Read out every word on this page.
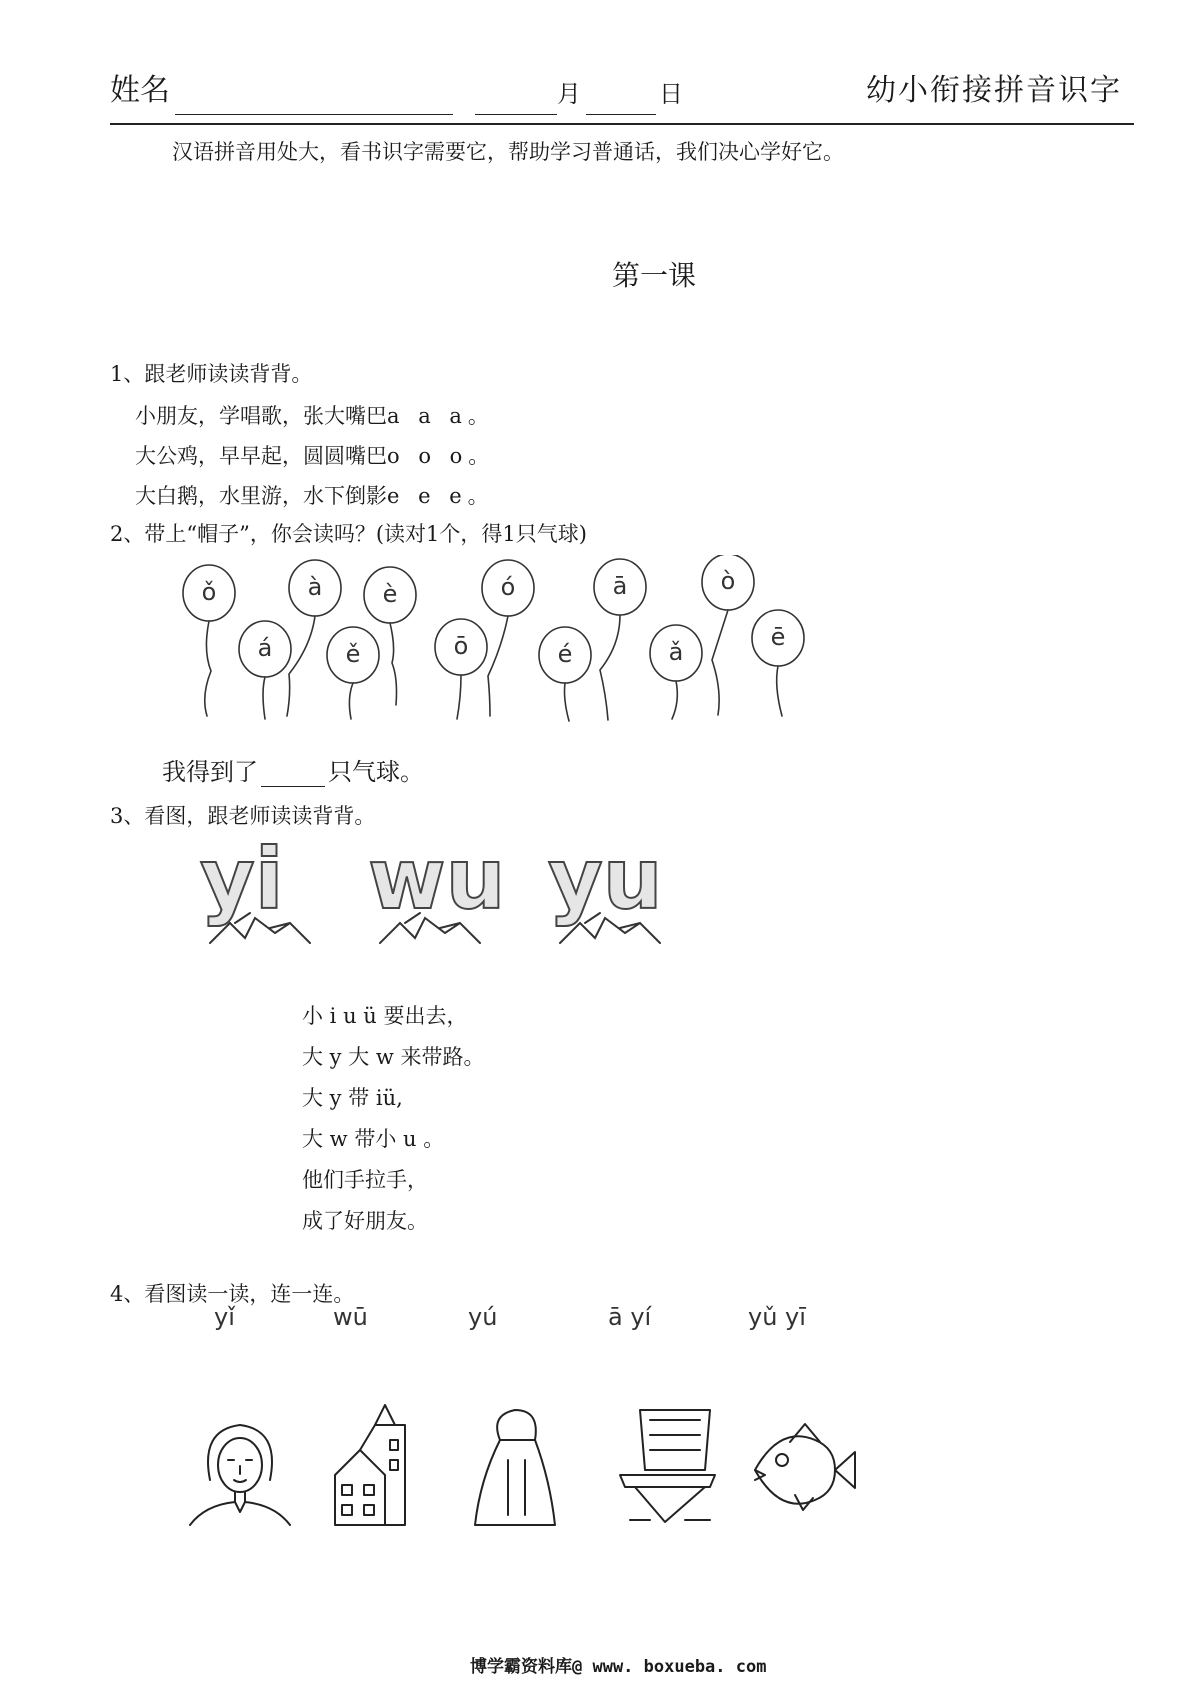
姓名	月	日	幼小衔接拼音识字
汉语拼音用处大，看书识字需要它，帮助学习普通话，我们决心学好它。
第一课
1、跟老师读读背背。
小朋友，学唱歌，张大嘴巴a a a。
大公鸡，早早起，圆圆嘴巴o o o。
大白鹅，水里游，水下倒影e e e。
2、带上“帽子”，你会读吗？(读对1个，得1只气球)
ǒ
á
à
ě
è
ō
ó
é
ā
ǎ
ò
ē
我得到了	只气球。
3、看图，跟老师读读背背。
yi wu yu
小 i u ü 要出去，
大 y 大 w 来带路。
大 y 带 iü,
大 w 带小 u 。
他们手拉手，
成了好朋友。
4、看图读一读，连一连。
yǐ	wū	yú	ā yí	yǔ yī
博学霸资料库@ www. boxueba. com
